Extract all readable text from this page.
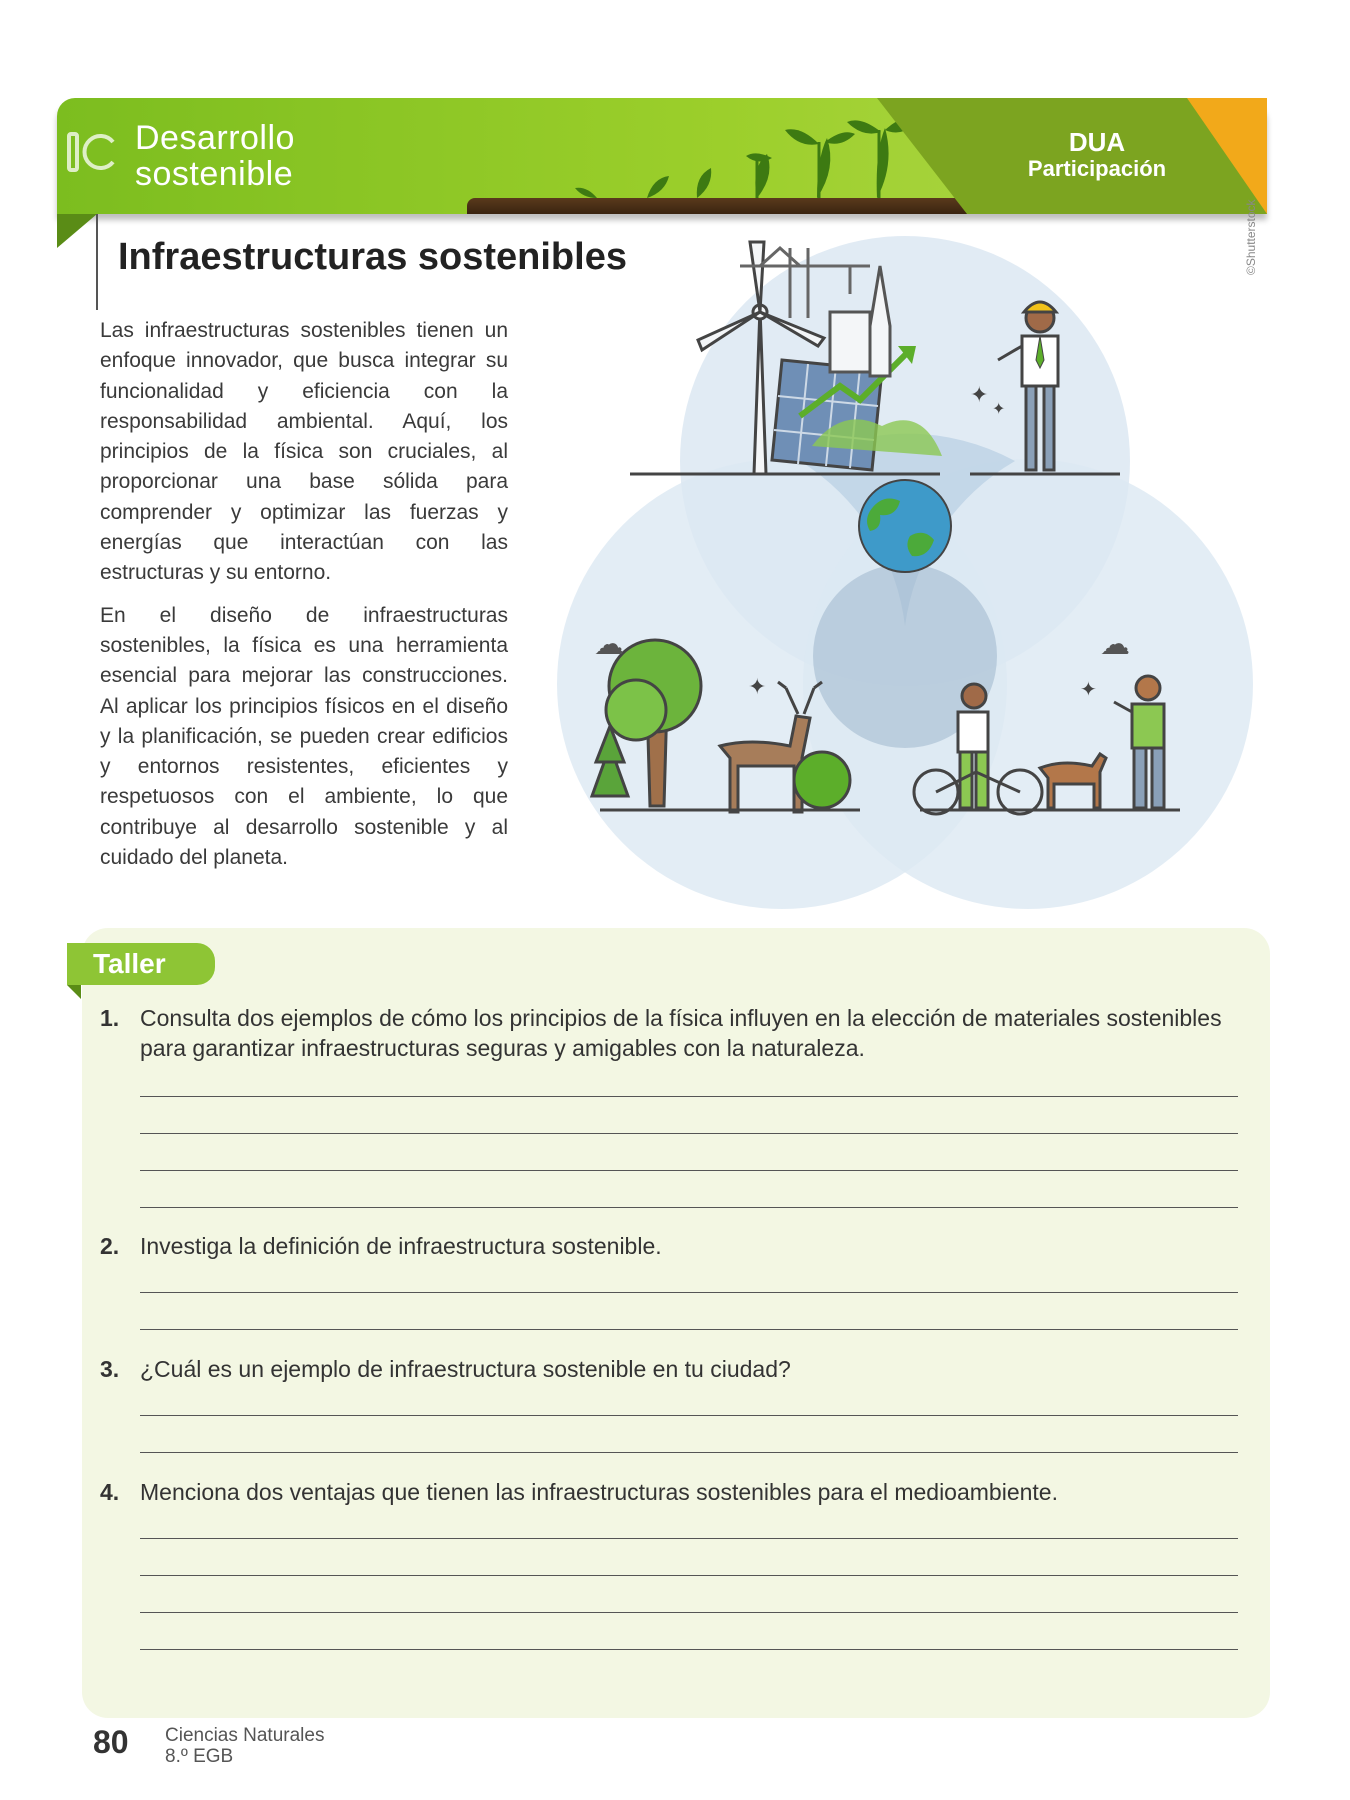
IC Desarrollo
sostenible
DUA
Participación
Infraestructuras sostenibles

Las infraestructuras sostenibles tienen un enfoque innovador, que busca integrar su funcionalidad y eficiencia con la responsabilidad ambiental. Aquí, los principios de la física son cruciales, al proporcionar una base sólida para comprender y optimizar las fuerzas y energías que interactúan con las estructuras y su entorno.

En el diseño de infraestructuras sostenibles, la física es una herramienta esencial para mejorar las construcciones. Al aplicar los principios físicos en el diseño y la planificación, se pueden crear edificios y entornos resistentes, eficientes y respetuosos con el ambiente, lo que contribuye al desarrollo sostenible y al cuidado del planeta.

©Shutterstock
✦
✦
☁
✦
☁
✦
Taller
1. Consulta dos ejemplos de cómo los principios de la física influyen en la elección de materiales sostenibles para garantizar infraestructuras seguras y amigables con la naturaleza.
2. Investiga la definición de infraestructura sostenible.
3. ¿Cuál es un ejemplo de infraestructura sostenible en tu ciudad?
4. Menciona dos ventajas que tienen las infraestructuras sostenibles para el medioambiente.
80 Ciencias Naturales
8.º EGB
